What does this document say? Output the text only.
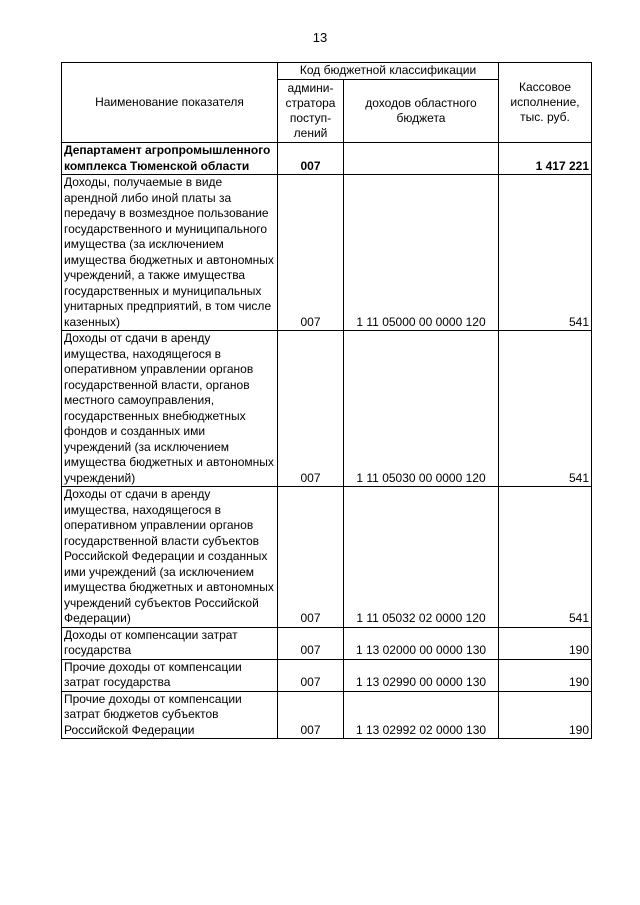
13
Наименование показателя	Код бюджетной классификации		Кассовое исполнение, тыс. руб.
	админи-стратора поступ-лений	доходов областного бюджета	
Департамент агропромышленного комплекса Тюменской области	007		1 417 221
Доходы, получаемые в виде арендной либо иной платы за передачу в возмездное пользование государственного и муниципального имущества (за исключением имущества бюджетных и автономных учреждений, а также имущества государственных и муниципальных унитарных предприятий, в том числе казенных)	007	1 11 05000 00 0000 120	541
Доходы от сдачи в аренду имущества, находящегося в оперативном управлении органов государственной власти, органов местного самоуправления, государственных внебюджетных фондов и созданных ими учреждений (за исключением имущества бюджетных и автономных учреждений)	007	1 11 05030 00 0000 120	541
Доходы от сдачи в аренду имущества, находящегося в оперативном управлении органов государственной власти субъектов Российской Федерации и созданных ими учреждений (за исключением имущества бюджетных и автономных учреждений субъектов Российской Федерации)	007	1 11 05032 02 0000 120	541
Доходы от компенсации затрат государства	007	1 13 02000 00 0000 130	190
Прочие доходы от компенсации затрат государства	007	1 13 02990 00 0000 130	190
Прочие доходы от компенсации затрат бюджетов субъектов Российской Федерации	007	1 13 02992 02 0000 130	190
